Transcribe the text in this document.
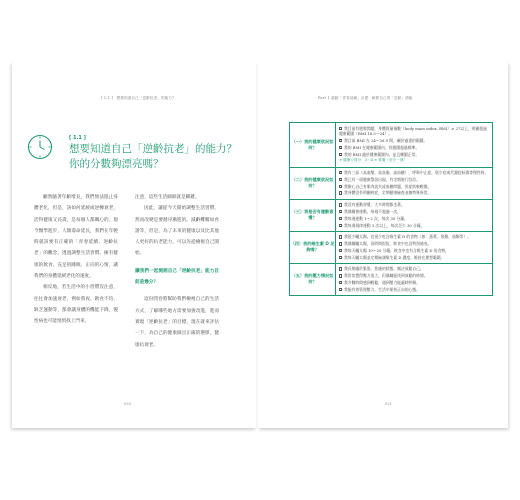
[ 1.1 ]　想要知道自己「逆齡抗老」的能力？	Part 1 啟動「青春延續」計畫：解鎖自己的「逆齡」潛能
[ 1.1 ]
想要知道自己「逆齡抗老」的能力？你的分數夠漂亮嗎？

顧然隨著年齡增長，我們無法阻止身體老化，但是，該如何延緩或逆轉衰老，活得健康又長壽，是每個人都關心的。現今醫學進步，人類壽命延長，我們在年輕時就該要有正確的「青春延續、逆齡抗老」的觀念，透過調整生活習慣、擁有健康的飲食、充足的睡眠、正向的心情，讓我們的身體延緩老化的速度。

相反地，若生活中的小習慣沒注意，往往會加速衰老，例如熬夜、飲食不均、缺乏運動等，都會讓身體的機能下降，慢性病也可能悄悄找上門來。

注意，這些生活細節就是關鍵。

因此，讓從今天開始調整生活習慣，然而改變是要循序漸進的。減齡難關如食譜等，但是，為了未來的健康以及比其他人更好的抗老能力，可以先從檢視自己開始。

讓我們一起測測自己「逆齡抗老」能力目前是幾分？

這份問卷將幫助我們檢視自己的生活方式，了解哪些地方需要加強改進，進而實現「逆齡抗老」的目標。現在就來評估一下，為自己的健康做出正確的選擇，健康抗衰老。

020	021
（一）我的健康狀況如何？	我目前有肥胖問題，身體質量指數（body mass index, BMI）≥ 27以上，明顯超過健康範圍（BMI 18.5～24）。
我目前 BMI 在 24～26.9 間，屬於過重的範圍。
我的 BMI 在健康範圍內，但腹圍超過標準。
我的 BMI 處於健康範圍內，並且腰圍正常。
➜ 健康☆得分：3～4 ➜ 普通（至少一項）

（二）我的健康狀況如何？	我有三高（高血壓、高血脂、高血糖），呼吸中止症，肌少症或代謝症候群等慢性病。
我已有一項健康警訊出現，有定期進行回診。
我擔心自己有肌肉流失或血糖問題，但症狀較輕微。
我身體沒有明顯病症，定期健康檢查並無特殊異常。

（三）我是否有運動習慣？	我沒有運動習慣，大多時間都坐著。
我偶爾會運動，每週不超過一次。
我每週運動 1～2 次，每次 30 分鐘。
我每週規律運動 3 次以上，每次至少 30 分鐘。

（四）我的維生素 D 足夠嗎？	我很少曬太陽，也很少吃含維生素 D 的食物（如：蛋黃、魚類、菇類等）。
我偶爾曬太陽，但時間很短，飲食中也沒特別補充。
我每天曬太陽 10～20 分鐘，飲食中也有含維生素 D 的食物。
我每天曬太陽並定期檢測維生素 D 濃度，維持在理想範圍。

（五）我的壓力情況如何？	我長期處於緊張、焦慮的狀態，無法放鬆自己。
我常常覺得壓力很大，但偶爾能找到放鬆的時間。
我多數時間感到輕鬆，遇到壓力能適時紓解。
我能有效管理壓力，生活中保持正向的心態。
